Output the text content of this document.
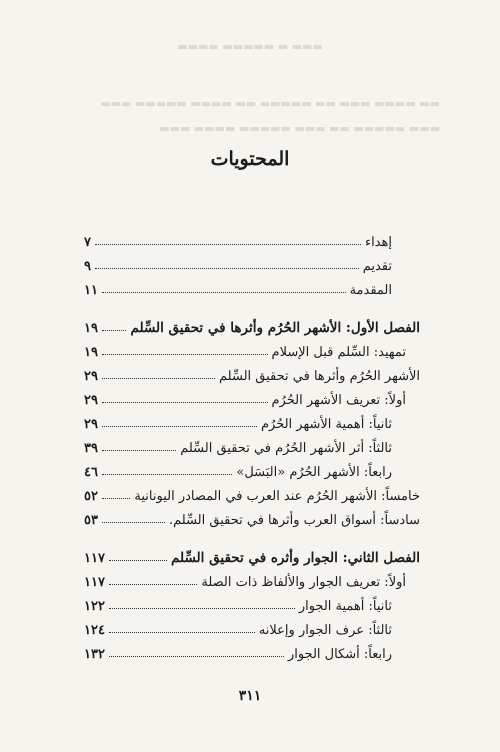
▬▬▬ ▬ ▬▬▬▬▬ ▬▬▬▬
▬▬ ▬▬▬▬ ▬▬▬ ▬▬ ▬▬▬▬▬ ▬▬ ▬▬▬▬ ▬▬▬▬▬ ▬▬▬
▬▬▬ ▬▬▬▬▬ ▬▬ ▬▬▬ ▬▬▬▬▬ ▬▬▬▬ ▬▬▬
المحتويات
إهداء
٧
تقديم
٩
المقدمة
١١
الفصل الأول: الأشهر الحُرُم وأثرها في تحقيق السِّلم
١٩
تمهيد: السِّلم قبل الإسلام
١٩
الأشهر الحُرُم وأثرها في تحقيق السِّلم
٢٩
أولاً: تعريف الأشهر الحُرُم
٢٩
ثانياً: أهمية الأشهر الحُرُم
٢٩
ثالثاً: أثر الأشهر الحُرُم في تحقيق السِّلم
٣٩
رابعاً: الأشهر الحُرُم «البَسَل»
٤٦
خامساً: الأشهر الحُرُم عند العرب في المصادر اليونانية
٥٢
سادساً: أسواق العرب وأثرها في تحقيق السِّلم.
٥٣
الفصل الثاني: الجوار وأثره في تحقيق السِّلم
١١٧
أولاً: تعريف الجوار والألفاظ ذات الصلة
١١٧
ثانياً: أهمية الجوار
١٢٢
ثالثاً: عرف الجوار وإعلانه
١٢٤
رابعاً: أشكال الجوار
١٣٢
٣١١
